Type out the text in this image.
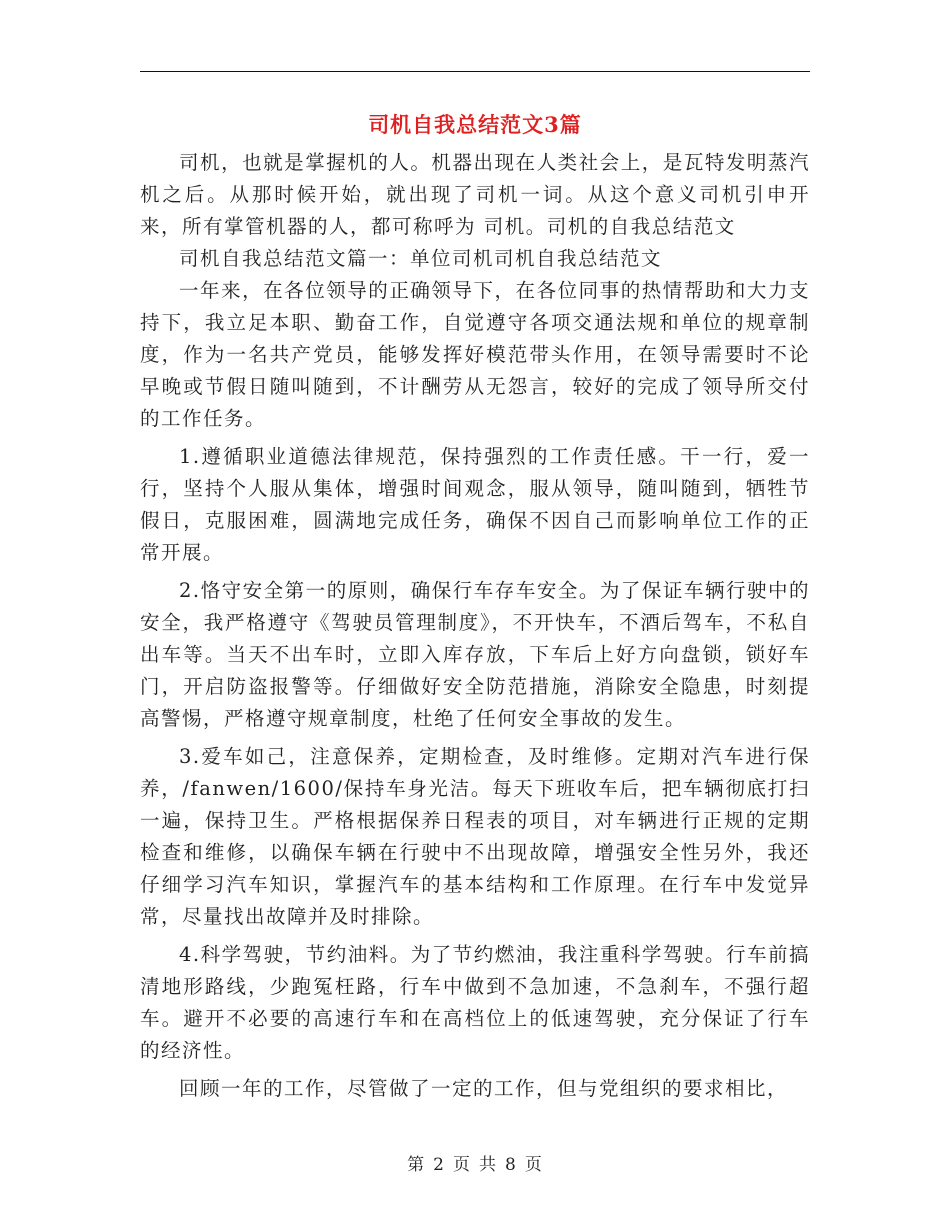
司机自我总结范文3篇

司机，也就是掌握机的人。机器出现在人类社会上，是瓦特发明蒸汽机之后。从那时候开始，就出现了司机一词。从这个意义司机引申开来，所有掌管机器的人，都可称呼为 司机。司机的自我总结范文

司机自我总结范文篇一：单位司机司机自我总结范文

一年来，在各位领导的正确领导下，在各位同事的热情帮助和大力支持下，我立足本职、勤奋工作，自觉遵守各项交通法规和单位的规章制度，作为一名共产党员，能够发挥好模范带头作用，在领导需要时不论早晚或节假日随叫随到，不计酬劳从无怨言，较好的完成了领导所交付的工作任务。

1.遵循职业道德法律规范，保持强烈的工作责任感。干一行，爱一行，坚持个人服从集体，增强时间观念，服从领导，随叫随到，牺牲节假日，克服困难，圆满地完成任务，确保不因自己而影响单位工作的正常开展。

2.恪守安全第一的原则，确保行车存车安全。为了保证车辆行驶中的安全，我严格遵守《驾驶员管理制度》，不开快车，不酒后驾车，不私自出车等。当天不出车时，立即入库存放，下车后上好方向盘锁，锁好车门，开启防盗报警等。仔细做好安全防范措施，消除安全隐患，时刻提高警惕，严格遵守规章制度，杜绝了任何安全事故的发生。

3.爱车如己，注意保养，定期检查，及时维修。定期对汽车进行保养，/fanwen/1600/保持车身光洁。每天下班收车后，把车辆彻底打扫一遍，保持卫生。严格根据保养日程表的项目，对车辆进行正规的定期检查和维修，以确保车辆在行驶中不出现故障，增强安全性另外，我还仔细学习汽车知识，掌握汽车的基本结构和工作原理。在行车中发觉异常，尽量找出故障并及时排除。

4.科学驾驶，节约油料。为了节约燃油，我注重科学驾驶。行车前搞清地形路线，少跑冤枉路，行车中做到不急加速，不急刹车，不强行超车。避开不必要的高速行车和在高档位上的低速驾驶，充分保证了行车的经济性。

回顾一年的工作，尽管做了一定的工作，但与党组织的要求相比，

第 2 页 共 8 页
